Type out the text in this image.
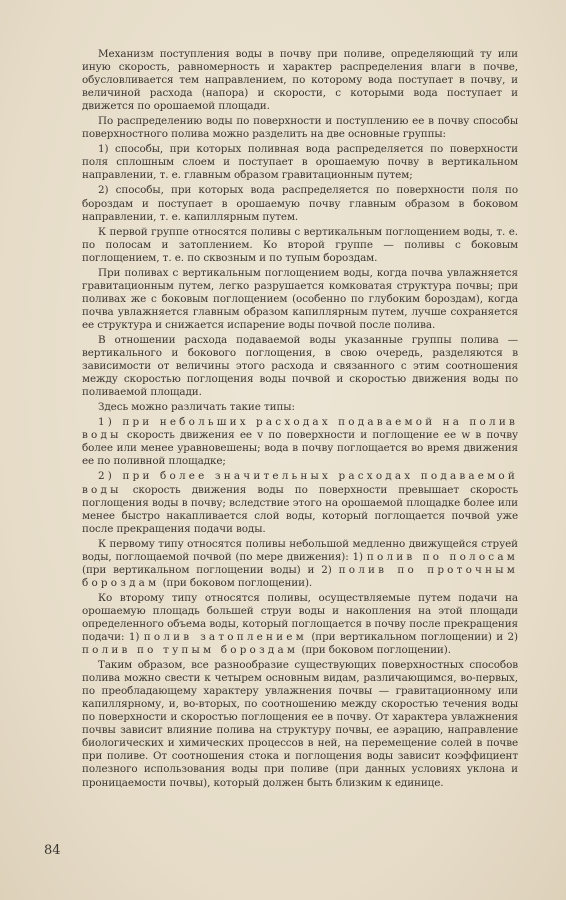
Механизм поступления воды в почву при поливе, определяющий ту или иную скорость, равномерность и характер распределения влаги в почве, обусловливается тем направлением, по которому вода поступает в почву, и величиной расхода (напора) и скорости, с которыми вода поступает и движется по орошаемой площади.

По распределению воды по поверхности и поступлению ее в почву способы поверхностного полива можно разделить на две основные группы:

1) способы, при которых поливная вода распределяется по поверхности поля сплошным слоем и поступает в орошаемую почву в вертикальном направлении, т. е. главным образом гравитационным путем;

2) способы, при которых вода распределяется по поверхности поля по бороздам и поступает в орошаемую почву главным образом в боковом направлении, т. е. капиллярным путем.

К первой группе относятся поливы с вертикальным поглощением воды, т. е. по полосам и затоплением. Ко второй группе — поливы с боковым поглощением, т. е. по сквозным и по тупым бороздам.

При поливах с вертикальным поглощением воды, когда почва увлажняется гравитационным путем, легко разрушается комковатая структура почвы; при поливах же с боковым поглощением (особенно по глубоким бороздам), когда почва увлажняется главным образом капиллярным путем, лучше сохраняется ее структура и снижается испарение воды почвой после полива.

В отношении расхода подаваемой воды указанные группы полива — вертикального и бокового поглощения, в свою очередь, разделяются в зависимости от величины этого расхода и связанного с этим соотношения между скоростью поглощения воды почвой и скоростью движения воды по поливаемой площади.

Здесь можно различать такие типы:

1) при небольших расходах подаваемой на полив воды скорость движения ее v по поверхности и поглощение ее w в почву более или менее уравновешены; вода в почву поглощается во время движения ее по поливной площадке;

2) при более значительных расходах подаваемой воды скорость движения воды по поверхности превышает скорость поглощения воды в почву; вследствие этого на орошаемой площадке более или менее быстро накапливается слой воды, который поглощается почвой уже после прекращения подачи воды.

К первому типу относятся поливы небольшой медленно движущейся струей воды, поглощаемой почвой (по мере движения): 1) полив по полосам (при вертикальном поглощении воды) и 2) полив по проточным бороздам (при боковом поглощении).

Ко второму типу относятся поливы, осуществляемые путем подачи на орошаемую площадь большей струи воды и накопления на этой площади определенного объема воды, который поглощается в почву после прекращения подачи: 1) полив затоплением (при вертикальном поглощении) и 2) полив по тупым бороздам (при боковом поглощении).

Таким образом, все разнообразие существующих поверхностных способов полива можно свести к четырем основным видам, различающимся, во-первых, по преобладающему характеру увлажнения почвы — гравитационному или капиллярному, и, во-вторых, по соотношению между скоростью течения воды по поверхности и скоростью поглощения ее в почву. От характера увлажнения почвы зависит влияние полива на структуру почвы, ее аэрацию, направление биологических и химических процессов в ней, на перемещение солей в почве при поливе. От соотношения стока и поглощения воды зависит коэффициент полезного использования воды при поливе (при данных условиях уклона и проницаемости почвы), который должен быть близким к единице.

84
